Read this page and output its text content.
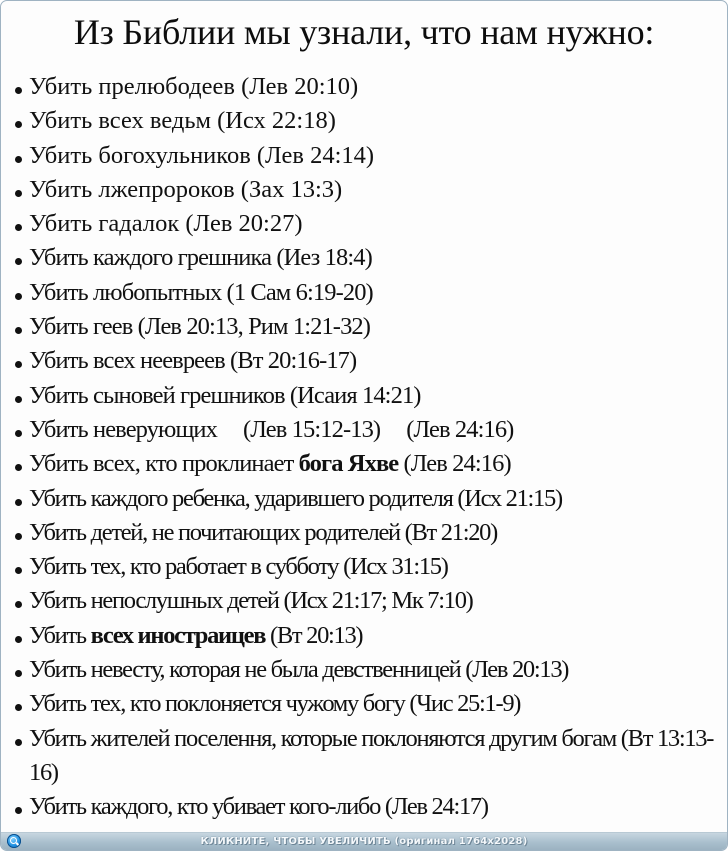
Из Библии мы узнали, что нам нужно:
Убить прелюбодеев (Лев 20:10)
Убить всех ведьм (Исх 22:18)
Убить богохульников (Лев 24:14)
Убить лжепророков (Зах 13:3)
Убить гадалок (Лев 20:27)
Убить каждого грешника (Иез 18:4)
Убить любопытных (1 Сам 6:19-20)
Убить геев (Лев 20:13, Рим 1:21-32)
Убить всех неевреев (Вт 20:16-17)
Убить сыновей грешников (Исаия 14:21)
Убить неверующих (Лев 15:12-13) (Лев 24:16)
Убить всех, кто проклинает бога Яхве (Лев 24:16)
Убить каждого ребенка, ударившего родителя (Исх 21:15)
Убить детей, не почитающих родителей (Вт 21:20)
Убить тех, кто работает в субботу (Исх 31:15)
Убить непослушных детей (Исх 21:17; Мк 7:10)
Убить всех иностраицев (Вт 20:13)
Убить невесту, которая не была девственницей (Лев 20:13)
Убить тех, кто поклоняется чужому богу (Чис 25:1-9)
Убить жителей поселення, которые поклоняются другим богам (Вт 13:13-16)
Убить каждого, кто убивает кого-либо (Лев 24:17)
КЛИКНИТЕ, ЧТОБЫ УВЕЛИЧИТЬ (оригинал 1764x2028)
